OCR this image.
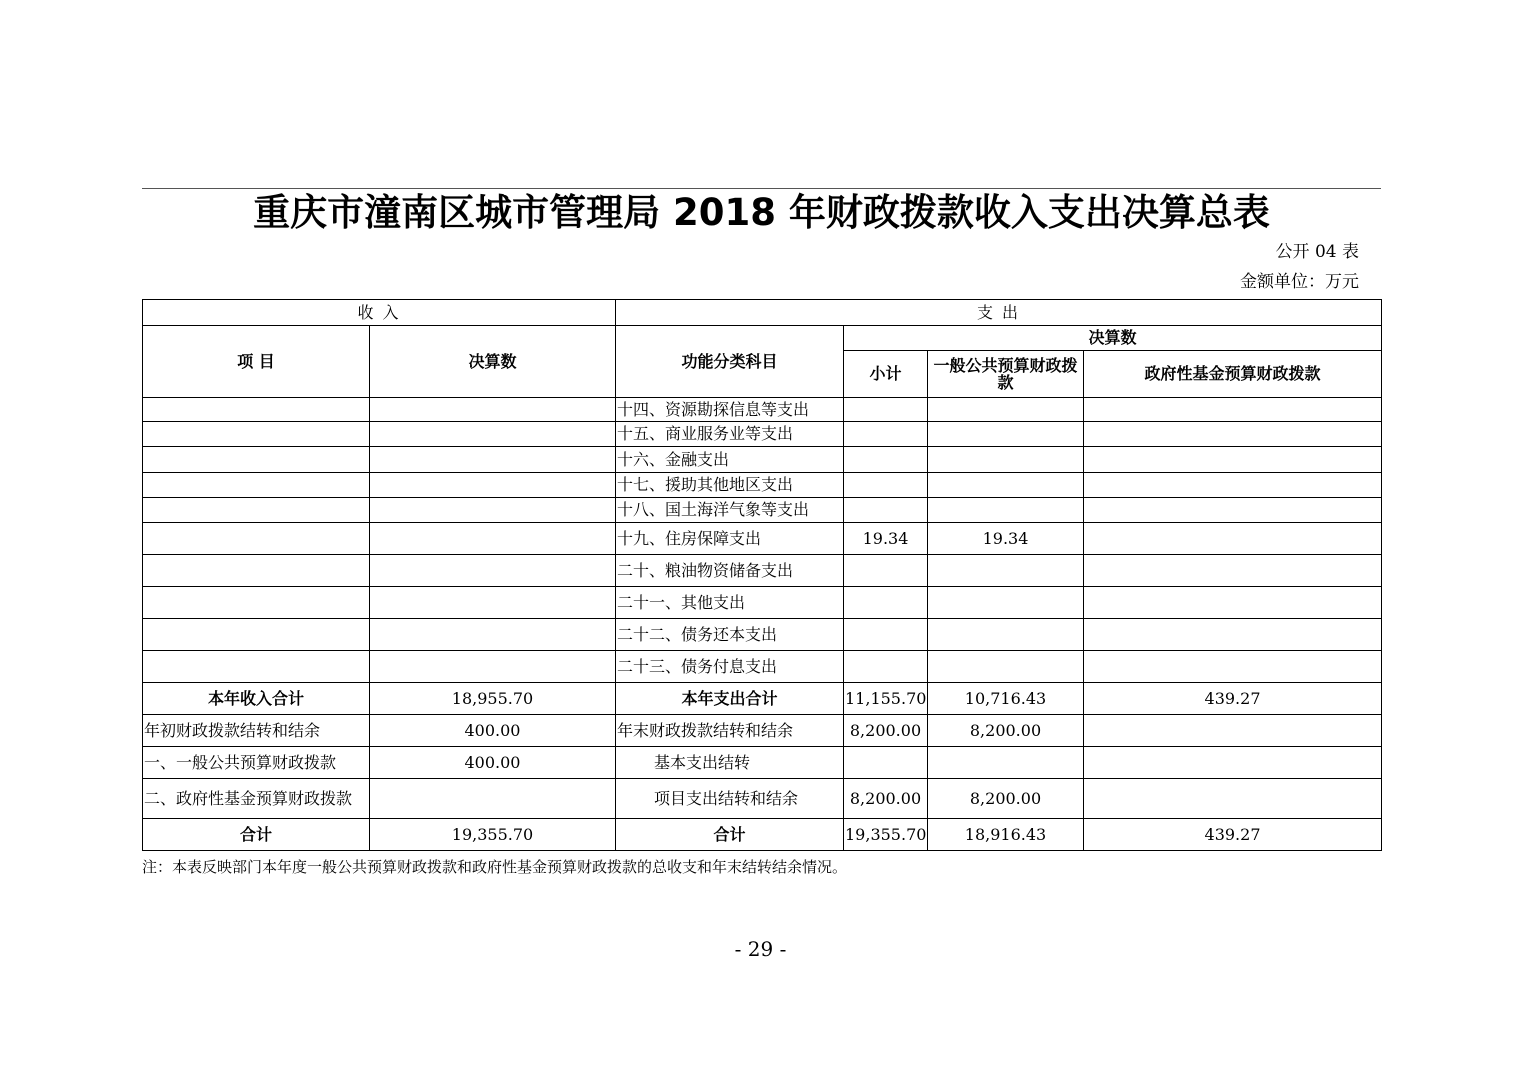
重庆市潼南区城市管理局 2018 年财政拨款收入支出决算总表
公开 04 表
金额单位：万元
收 入		支 出			
项 目	决算数	功能分类科目	决算数		
			小计	一般公共预算财政拨款	政府性基金预算财政拨款
		十四、资源勘探信息等支出			
		十五、商业服务业等支出			
		十六、金融支出			
		十七、援助其他地区支出			
		十八、国土海洋气象等支出			
		十九、住房保障支出	19.34	19.34	
		二十、粮油物资储备支出			
		二十一、其他支出			
		二十二、债务还本支出			
		二十三、债务付息支出			
本年收入合计	18,955.70	本年支出合计	11,155.70	10,716.43	439.27
年初财政拨款结转和结余	400.00	年末财政拨款结转和结余	8,200.00	8,200.00	
一、一般公共预算财政拨款	400.00	基本支出结转			
二、政府性基金预算财政拨款		项目支出结转和结余	8,200.00	8,200.00	
合计	19,355.70	合计	19,355.70	18,916.43	439.27
注：本表反映部门本年度一般公共预算财政拨款和政府性基金预算财政拨款的总收支和年末结转结余情况。
- 29 -
